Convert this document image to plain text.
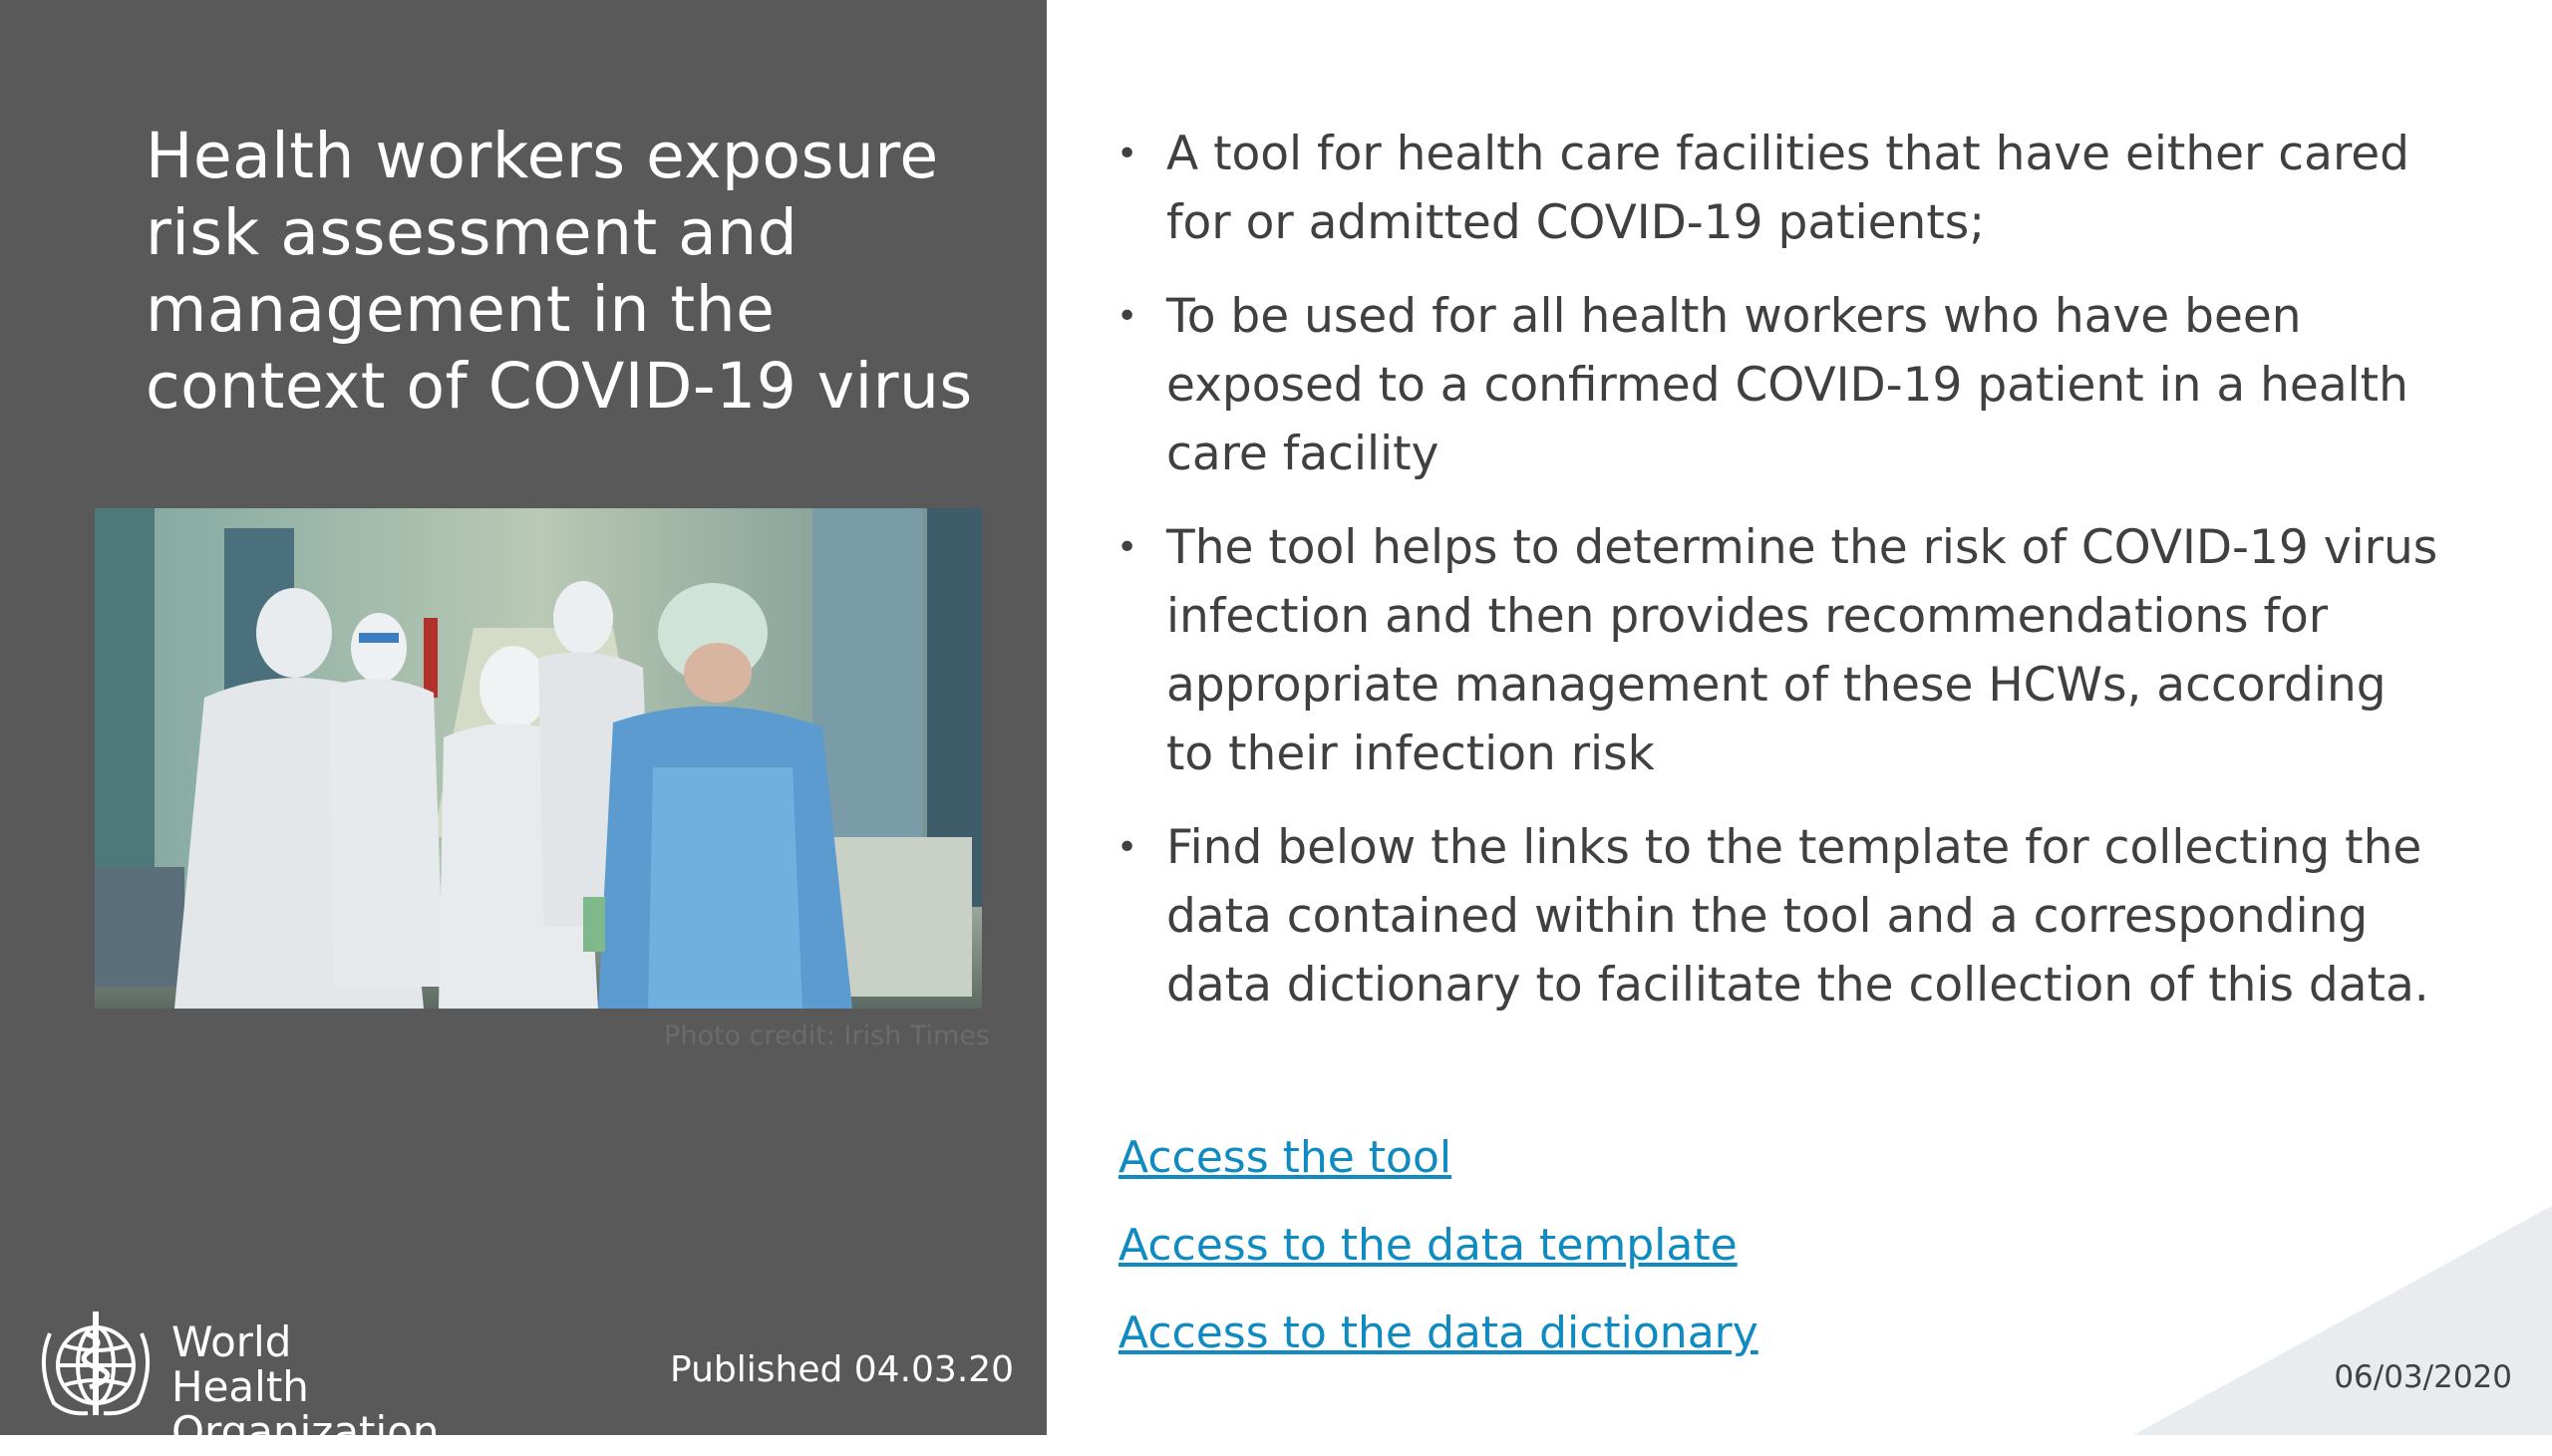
Health workers exposure risk assessment and management in the context of COVID-19 virus
Photo credit: Irish Times
World Health
Organization
Published 04.03.20
• A tool for health care facilities that have either cared for or admitted COVID-19 patients;
• To be used for all health workers who have been exposed to a confirmed COVID-19 patient in a health care facility
• The tool helps to determine the risk of COVID-19 virus infection and then provides recommendations for appropriate management of these HCWs, according to their infection risk
• Find below the links to the template for collecting the data contained within the tool and a corresponding data dictionary to facilitate the collection of this data.
Access the tool
Access to the data template
Access to the data dictionary
06/03/2020
